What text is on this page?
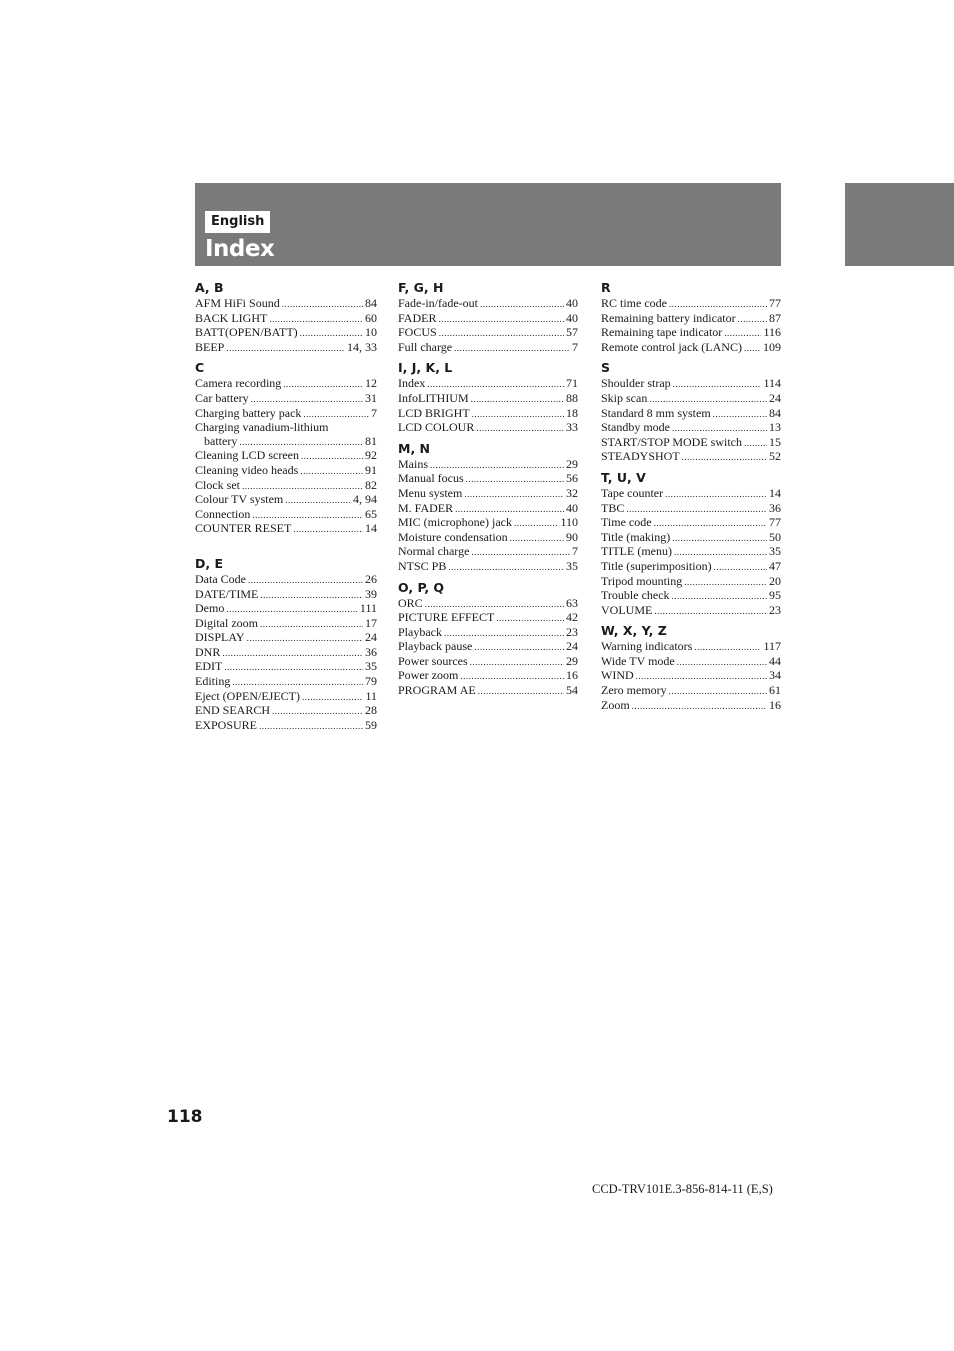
English
Index
A, B
AFM HiFi Sound .....	84
BACK LIGHT .....	60
BATT(OPEN/BATT) .....	10
BEEP .....	14, 33
C
Camera recording .....	12
Car battery .....	31
Charging battery pack .....	7
Charging vanadium-lithium
battery .....	81
Cleaning LCD screen .....	92
Cleaning video heads .....	91
Clock set .....	82
Colour TV system .....	4, 94
Connection .....	65
COUNTER RESET .....	14
D, E
Data Code .....	26
DATE/TIME .....	39
Demo .....	111
Digital zoom .....	17
DISPLAY .....	24
DNR .....	36
EDIT .....	35
Editing .....	79
Eject (OPEN/EJECT) .....	11
END SEARCH .....	28
EXPOSURE .....	59
F, G, H
Fade-in/fade-out .....	40
FADER .....	40
FOCUS .....	57
Full charge .....	7
I, J, K, L
Index .....	71
InfoLITHIUM .....	88
LCD BRIGHT .....	18
LCD COLOUR .....	33
M, N
Mains .....	29
Manual focus .....	56
Menu system .....	32
M. FADER .....	40
MIC (microphone) jack .....	110
Moisture condensation .....	90
Normal charge .....	7
NTSC PB .....	35
O, P, Q
ORC .....	63
PICTURE EFFECT .....	42
Playback .....	23
Playback pause .....	24
Power sources .....	29
Power zoom .....	16
PROGRAM AE .....	54
R
RC time code .....	77
Remaining battery indicator .....	87
Remaining tape indicator .....	116
Remote control jack (LANC) ..... 109
S
Shoulder strap .....	114
Skip scan .....	24
Standard 8 mm system .....	84
Standby mode .....	13
START/STOP MODE switch ..... 15
STEADYSHOT .....	52
T, U, V
Tape counter .....	14
TBC .....	36
Time code .....	77
Title (making) .....	50
TITLE (menu) .....	35
Title (superimposition) .....	47
Tripod mounting .....	20
Trouble check .....	95
VOLUME .....	23
W, X, Y, Z
Warning indicators .....	117
Wide TV mode .....	44
WIND .....	34
Zero memory .....	61
Zoom .....	16
118
CCD-TRV101E.3-856-814-11 (E,S)
